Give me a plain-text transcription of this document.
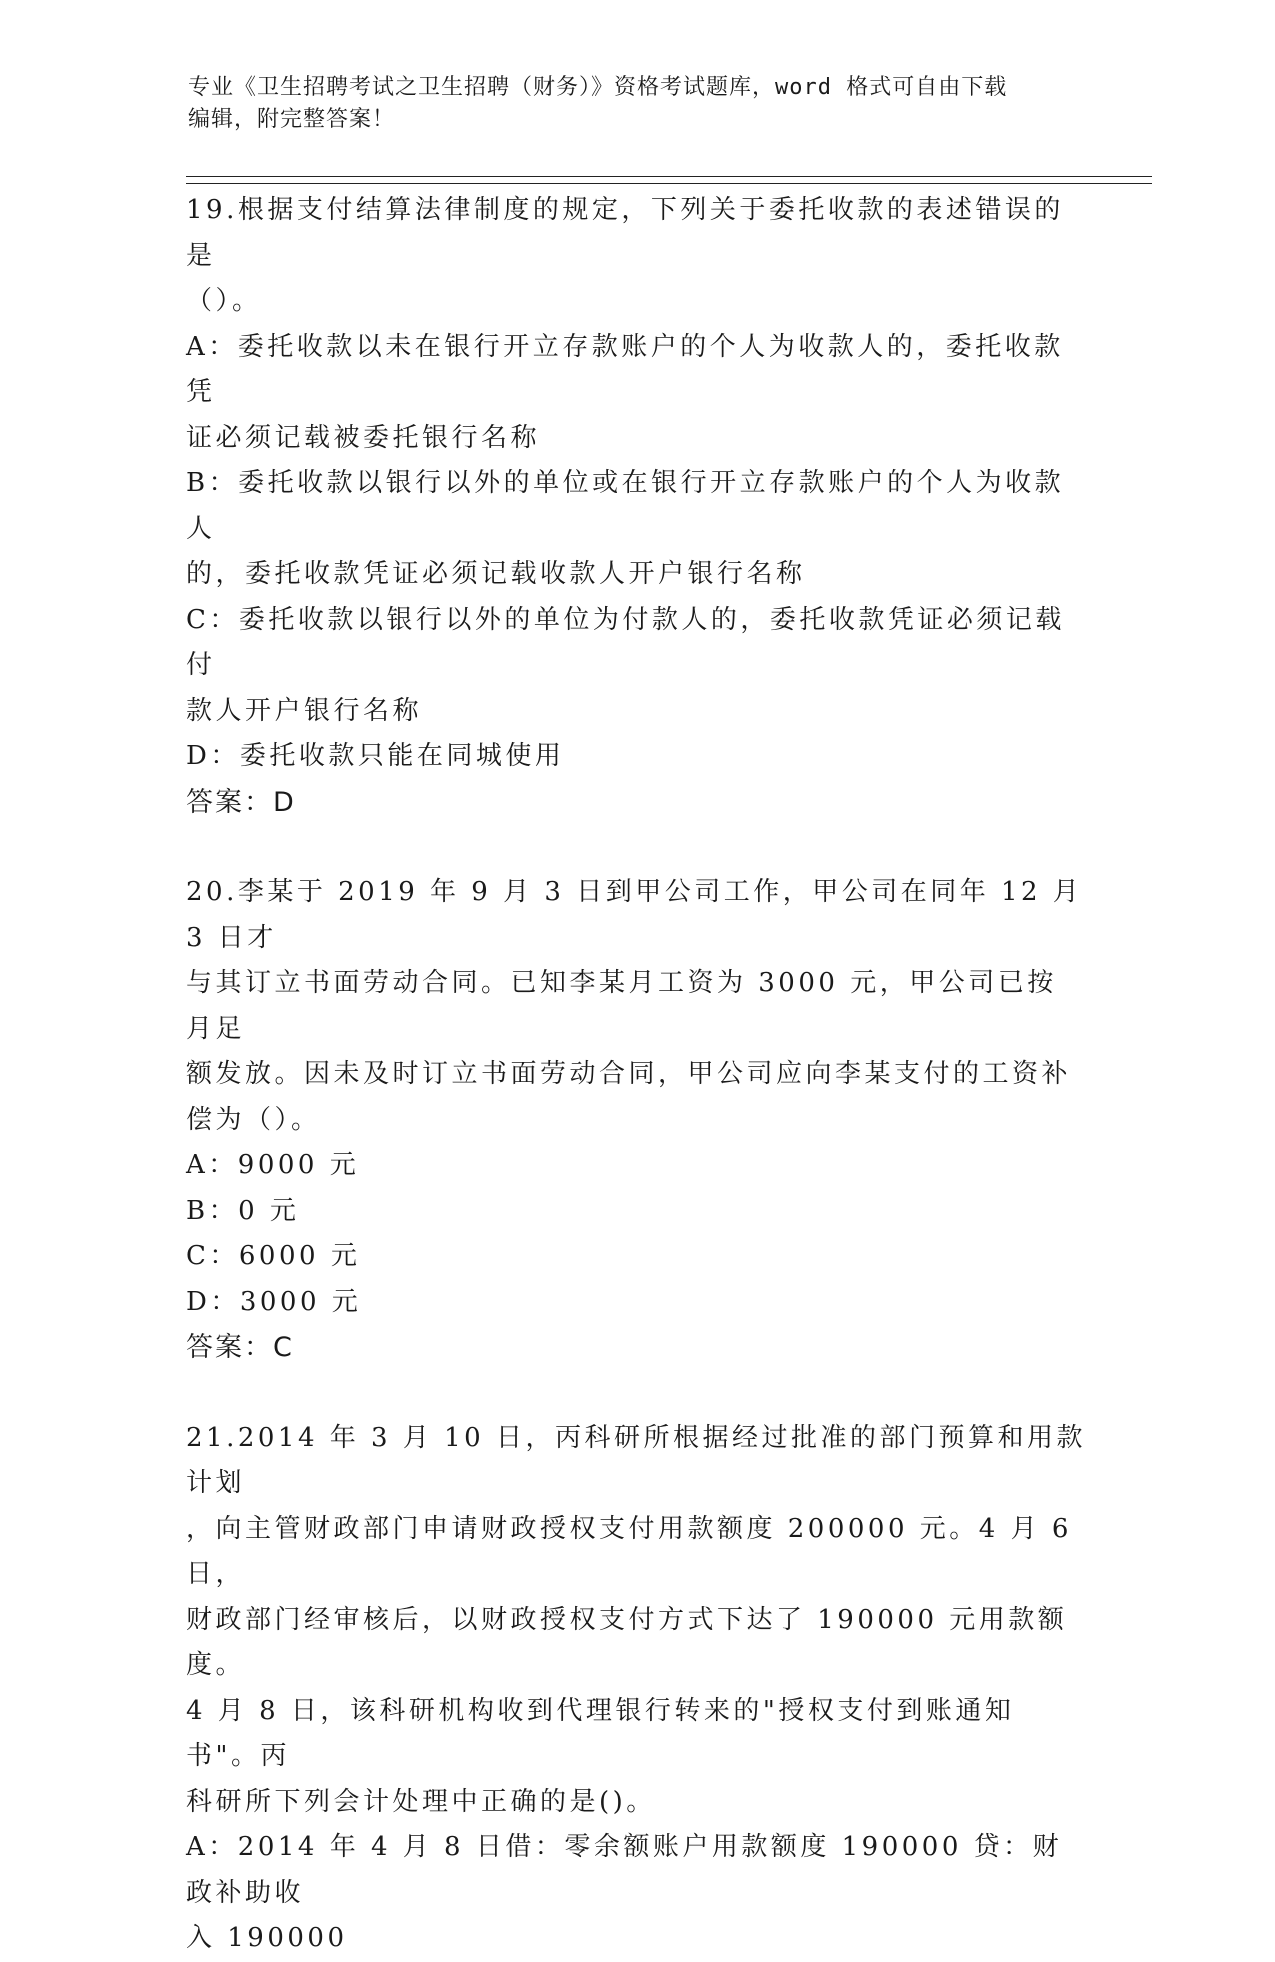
专业《卫生招聘考试之卫生招聘（财务）》资格考试题库，word 格式可自由下载
编辑，附完整答案！
19.根据支付结算法律制度的规定，下列关于委托收款的表述错误的是
（）。
A：委托收款以未在银行开立存款账户的个人为收款人的，委托收款凭
证必须记载被委托银行名称
B：委托收款以银行以外的单位或在银行开立存款账户的个人为收款人
的，委托收款凭证必须记载收款人开户银行名称
C：委托收款以银行以外的单位为付款人的，委托收款凭证必须记载付
款人开户银行名称
D：委托收款只能在同城使用
答案：D
20.李某于 2019 年 9 月 3 日到甲公司工作，甲公司在同年 12 月 3 日才
与其订立书面劳动合同。已知李某月工资为 3000 元，甲公司已按月足
额发放。因未及时订立书面劳动合同，甲公司应向李某支付的工资补
偿为（）。
A：9000 元
B：0 元
C：6000 元
D：3000 元
答案：C
21.2014 年 3 月 10 日，丙科研所根据经过批准的部门预算和用款计划
，向主管财政部门申请财政授权支付用款额度 200000 元。4 月 6 日，
财政部门经审核后，以财政授权支付方式下达了 190000 元用款额度。
4 月 8 日，该科研机构收到代理银行转来的"授权支付到账通知书"。丙
科研所下列会计处理中正确的是()。
A：2014 年 4 月 8 日借：零余额账户用款额度 190000 贷：财政补助收
入 190000
